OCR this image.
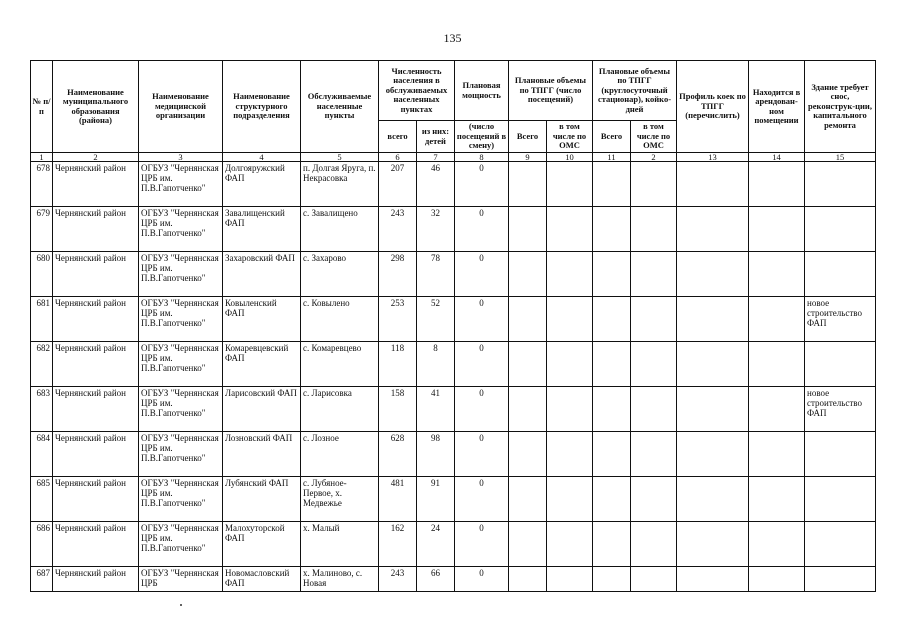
135
№ п/п	Наименование муниципального образования (района)	Наименование медицинской организации	Наименование структурного подразделения	Обслуживаемые населенные пункты	Численность населения в обслуживаемых населенных пунктах		Плановая мощность	Плановые объемы по ТПГГ (число посещений)		Плановые объемы по ТПГГ (круглосуточный стационар), койко-дней		Профиль коек по ТПГГ (перечислить)	Находится в арендован-ном помещении	Здание требует снос, реконструк-ции, капитального ремонта
					всего	из них: детей	(число посещений в смену)	Всего	в том числе по ОМС	Всего	в том числе по ОМС			
1	2	3	4	5	6	7	8	9	10	11	2	13	14	15
678	Чернянский район	ОГБУЗ "Чернянская ЦРБ им. П.В.Гапотченко"	Долгояружский ФАП	п. Долгая Яруга, п. Некрасовка	207	46	0							
679	Чернянский район	ОГБУЗ "Чернянская ЦРБ им. П.В.Гапотченко"	Завалищенский ФАП	с. Завалищено	243	32	0							
680	Чернянский район	ОГБУЗ "Чернянская ЦРБ им. П.В.Гапотченко"	Захаровский ФАП	с. Захарово	298	78	0							
681	Чернянский район	ОГБУЗ "Чернянская ЦРБ им. П.В.Гапотченко"	Ковыленский ФАП	с. Ковылено	253	52	0							новое строительство ФАП
682	Чернянский район	ОГБУЗ "Чернянская ЦРБ им. П.В.Гапотченко"	Комаревцевский ФАП	с. Комаревцево	118	8	0							
683	Чернянский район	ОГБУЗ "Чернянская ЦРБ им. П.В.Гапотченко"	Ларисовский ФАП	с. Ларисовка	158	41	0							новое строительство ФАП
684	Чернянский район	ОГБУЗ "Чернянская ЦРБ им. П.В.Гапотченко"	Лозновский ФАП	с. Лозное	628	98	0							
685	Чернянский район	ОГБУЗ "Чернянская ЦРБ им. П.В.Гапотченко"	Лубянский ФАП	с. Лубяное-Первое, х. Медвежье	481	91	0							
686	Чернянский район	ОГБУЗ "Чернянская ЦРБ им. П.В.Гапотченко"	Малохуторской ФАП	х. Малый	162	24	0							
687	Чернянский район	ОГБУЗ "Чернянская ЦРБ	Новомасловский ФАП	х. Малиново, с. Новая	243	66	0							
